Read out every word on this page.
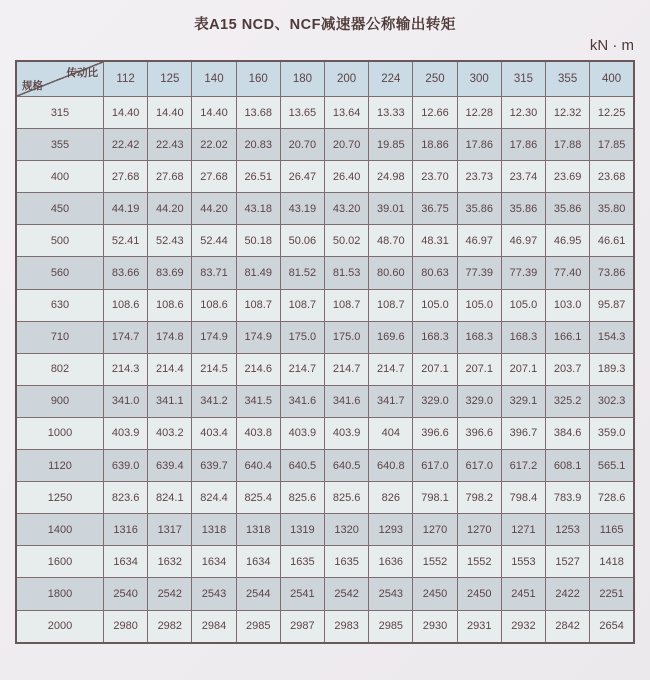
表A15 NCD、NCF减速器公称输出转矩
kN · m
传动比
规格	112	125	140	160	180	200	224	250	300	315	355	400
315	14.40	14.40	14.40	13.68	13.65	13.64	13.33	12.66	12.28	12.30	12.32	12.25
355	22.42	22.43	22.02	20.83	20.70	20.70	19.85	18.86	17.86	17.86	17.88	17.85
400	27.68	27.68	27.68	26.51	26.47	26.40	24.98	23.70	23.73	23.74	23.69	23.68
450	44.19	44.20	44.20	43.18	43.19	43.20	39.01	36.75	35.86	35.86	35.86	35.80
500	52.41	52.43	52.44	50.18	50.06	50.02	48.70	48.31	46.97	46.97	46.95	46.61
560	83.66	83.69	83.71	81.49	81.52	81.53	80.60	80.63	77.39	77.39	77.40	73.86
630	108.6	108.6	108.6	108.7	108.7	108.7	108.7	105.0	105.0	105.0	103.0	95.87
710	174.7	174.8	174.9	174.9	175.0	175.0	169.6	168.3	168.3	168.3	166.1	154.3
802	214.3	214.4	214.5	214.6	214.7	214.7	214.7	207.1	207.1	207.1	203.7	189.3
900	341.0	341.1	341.2	341.5	341.6	341.6	341.7	329.0	329.0	329.1	325.2	302.3
1000	403.9	403.2	403.4	403.8	403.9	403.9	404	396.6	396.6	396.7	384.6	359.0
1120	639.0	639.4	639.7	640.4	640.5	640.5	640.8	617.0	617.0	617.2	608.1	565.1
1250	823.6	824.1	824.4	825.4	825.6	825.6	826	798.1	798.2	798.4	783.9	728.6
1400	1316	1317	1318	1318	1319	1320	1293	1270	1270	1271	1253	1165
1600	1634	1632	1634	1634	1635	1635	1636	1552	1552	1553	1527	1418
1800	2540	2542	2543	2544	2541	2542	2543	2450	2450	2451	2422	2251
2000	2980	2982	2984	2985	2987	2983	2985	2930	2931	2932	2842	2654
